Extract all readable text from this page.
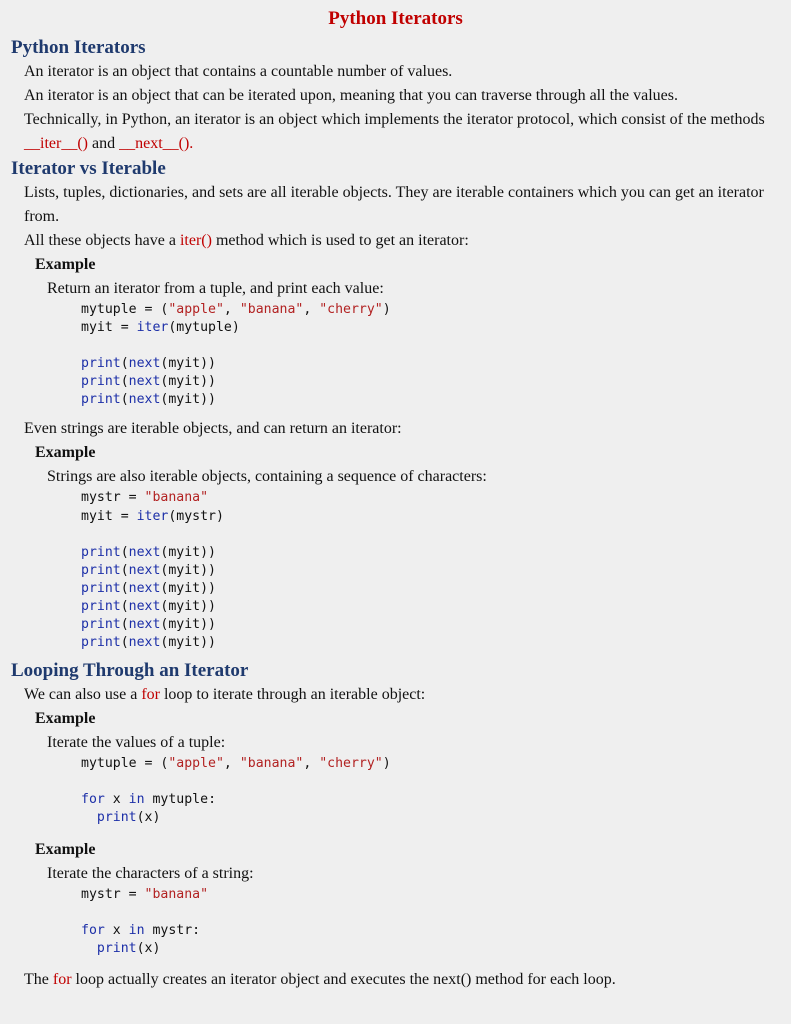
Python Iterators
Python Iterators

An iterator is an object that contains a countable number of values.

An iterator is an object that can be iterated upon, meaning that you can traverse through all the values.

Technically, in Python, an iterator is an object which implements the iterator protocol, which consist of the methods __iter__() and __next__().

Iterator vs Iterable

Lists, tuples, dictionaries, and sets are all iterable objects. They are iterable containers which you can get an iterator from.

All these objects have a iter() method which is used to get an iterator:

Example

Return an iterator from a tuple, and print each value:

mytuple = ("apple", "banana", "cherry")
myit = iter(mytuple)
print(next(myit))
print(next(myit))
print(next(myit))

Even strings are iterable objects, and can return an iterator:

Example

Strings are also iterable objects, containing a sequence of characters:

mystr = "banana"
myit = iter(mystr)
print(next(myit))
print(next(myit))
print(next(myit))
print(next(myit))
print(next(myit))
print(next(myit))
Looping Through an Iterator

We can also use a for loop to iterate through an iterable object:

Example

Iterate the values of a tuple:

mytuple = ("apple", "banana", "cherry")
for x in mytuple:
print(x)

Example

Iterate the characters of a string:

mystr = "banana"
for x in mystr:
print(x)

The for loop actually creates an iterator object and executes the next() method for each loop.
